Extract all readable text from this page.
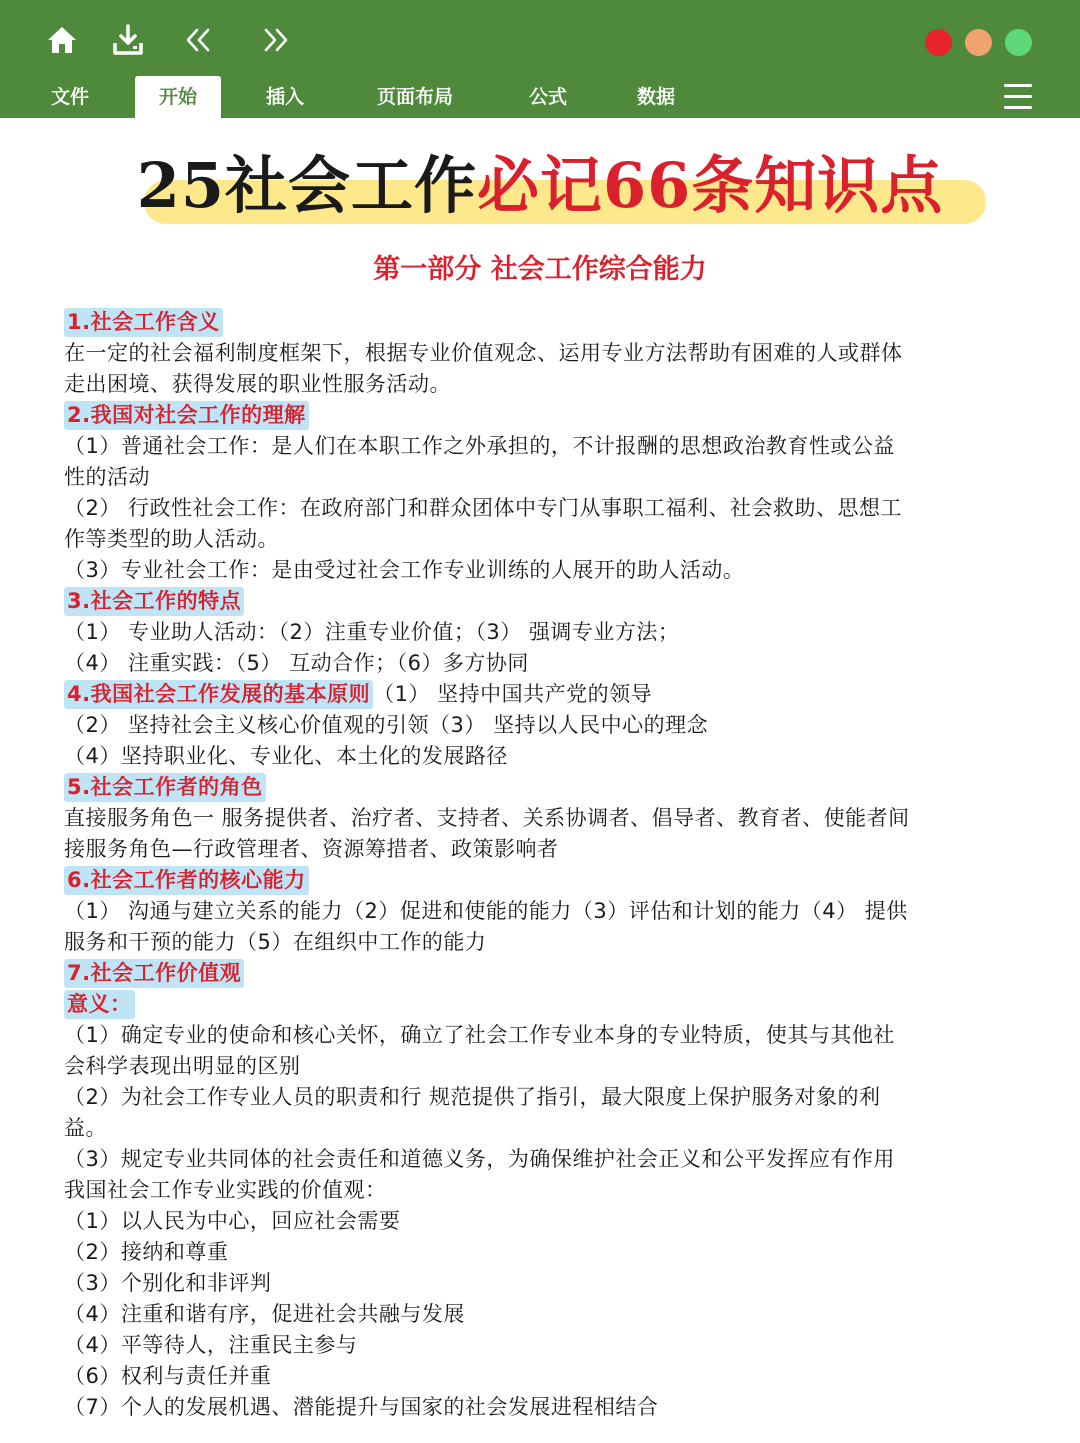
文件	开始	插入	页面布局	公式	数据
25社会工作必记66条知识点
第一部分 社会工作综合能力
1.社会工作含义
在一定的社会福利制度框架下，根据专业价值观念、运用专业方法帮助有困难的人或群体
走出困境、获得发展的职业性服务活动。
2.我国对社会工作的理解
（1）普通社会工作：是人们在本职工作之外承担的，不计报酬的思想政治教育性或公益
性的活动
（2） 行政性社会工作：在政府部门和群众团体中专门从事职工福利、社会救助、思想工
作等类型的助人活动。
（3）专业社会工作：是由受过社会工作专业训练的人展开的助人活动。
3.社会工作的特点
（1） 专业助人活动：（2）注重专业价值；（3） 强调专业方法；
（4） 注重实践：（5） 互动合作；（6）多方协同
4.我国社会工作发展的基本原则 （1） 坚持中国共产党的领导
（2） 坚持社会主义核心价值观的引领（3） 坚持以人民中心的理念
（4）坚持职业化、专业化、本土化的发展路径
5.社会工作者的角色
直接服务角色一 服务提供者、治疗者、支持者、关系协调者、倡导者、教育者、使能者间
接服务角色—行政管理者、资源筹措者、政策影响者
6.社会工作者的核心能力
（1） 沟通与建立关系的能力（2）促进和使能的能力（3）评估和计划的能力（4） 提供
服务和干预的能力（5）在组织中工作的能力
7.社会工作价值观
意义：
（1）确定专业的使命和核心关怀，确立了社会工作专业本身的专业特质，使其与其他社
会科学表现出明显的区别
（2）为社会工作专业人员的职责和行 规范提供了指引，最大限度上保护服务对象的利
益。
（3）规定专业共同体的社会责任和道德义务，为确保维护社会正义和公平发挥应有作用
我国社会工作专业实践的价值观：
（1）以人民为中心，回应社会需要
（2）接纳和尊重
（3）个别化和非评判
（4）注重和谐有序，促进社会共融与发展
（4）平等待人，注重民主参与
（6）权利与责任并重
（7）个人的发展机遇、潜能提升与国家的社会发展进程相结合
